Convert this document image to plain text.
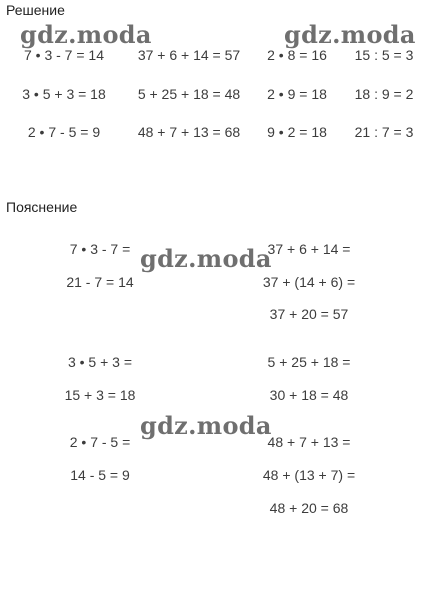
Решение
gdz.moda	gdz.moda
7 • 3 - 7 = 14 37 + 6 + 14 = 57 2 • 8 = 16 15 : 5 = 3
3 • 5 + 3 = 18 5 + 25 + 18 = 48 2 • 9 = 18 18 : 9 = 2
2 • 7 - 5 = 9	48 + 7 + 13 = 68 9 • 2 = 18 21 : 7 = 3
Пояснение
7 • 3 - 7 =
21 - 7 = 14
37 + 6 + 14 =
37 + (14 + 6) =
37 + 20 = 57
gdz.moda
3 • 5 + 3 =
15 + 3 = 18
5 + 25 + 18 =
30 + 18 = 48
gdz.moda
2 • 7 - 5 =
14 - 5 = 9
48 + 7 + 13 =
48 + (13 + 7) =
48 + 20 = 68
